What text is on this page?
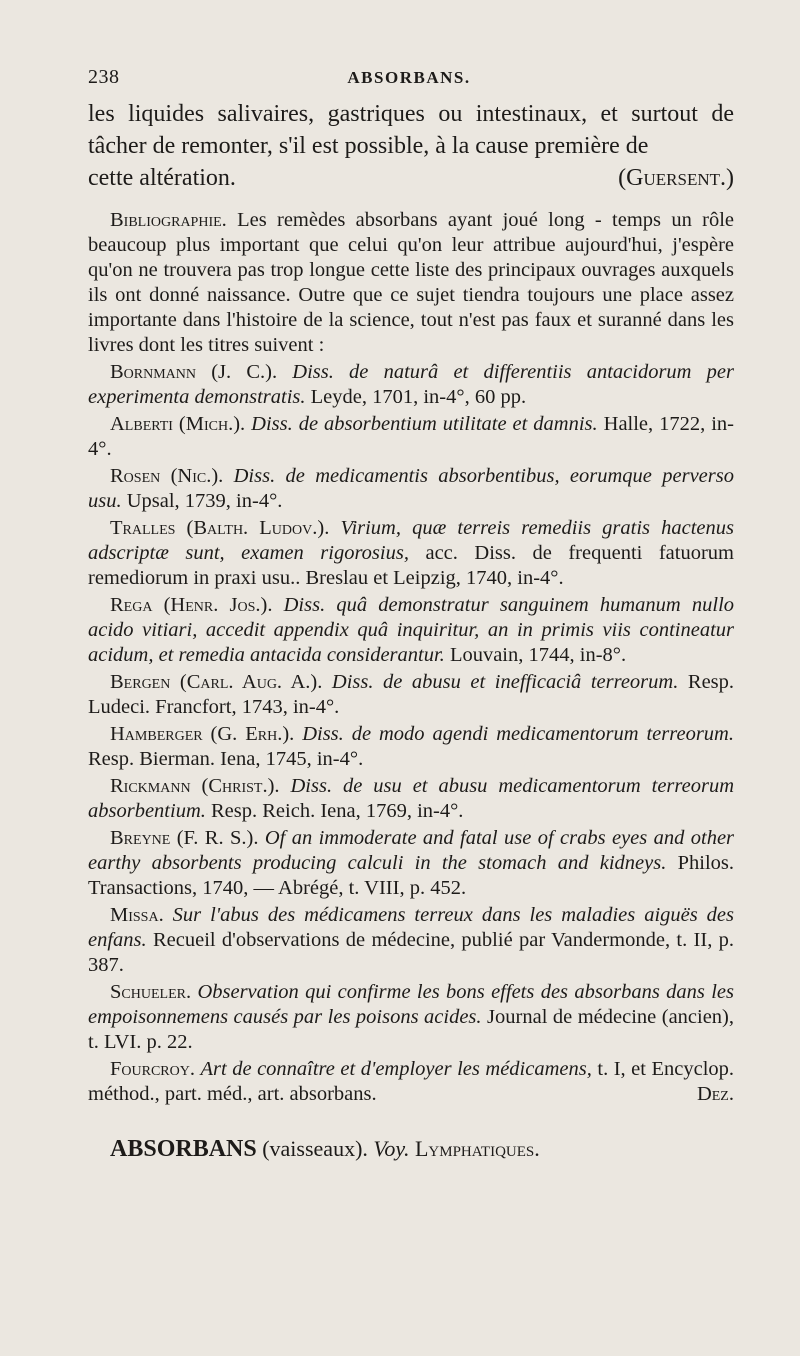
238	ABSORBANS.
les liquides salivaires, gastriques ou intestinaux, et surtout de tâcher de remonter, s'il est possible, à la cause première de
cette altération.	(Guersent.)

Bibliographie. Les remèdes absorbans ayant joué long - temps un rôle beaucoup plus important que celui qu'on leur attribue aujourd'hui, j'espère qu'on ne trouvera pas trop longue cette liste des principaux ouvrages auxquels ils ont donné naissance. Outre que ce sujet tiendra toujours une place assez importante dans l'histoire de la science, tout n'est pas faux et suranné dans les livres dont les titres suivent :

Bornmann (J. C.). Diss. de naturâ et differentiis antacidorum per experimenta demonstratis. Leyde, 1701, in-4°, 60 pp.
Alberti (Mich.). Diss. de absorbentium utilitate et damnis. Halle, 1722, in-4°.
Rosen (Nic.). Diss. de medicamentis absorbentibus, eorumque perverso usu. Upsal, 1739, in-4°.
Tralles (Balth. Ludov.). Virium, quæ terreis remediis gratis hactenus adscriptæ sunt, examen rigorosius, acc. Diss. de frequenti fatuorum remediorum in praxi usu.. Breslau et Leipzig, 1740, in-4°.
Rega (Henr. Jos.). Diss. quâ demonstratur sanguinem humanum nullo acido vitiari, accedit appendix quâ inquiritur, an in primis viis contineatur acidum, et remedia antacida considerantur. Louvain, 1744, in-8°.
Bergen (Carl. Aug. A.). Diss. de abusu et inefficaciâ terreorum. Resp. Ludeci. Francfort, 1743, in-4°.
Hamberger (G. Erh.). Diss. de modo agendi medicamentorum terreorum. Resp. Bierman. Iena, 1745, in-4°.
Rickmann (Christ.). Diss. de usu et abusu medicamentorum terreorum absorbentium. Resp. Reich. Iena, 1769, in-4°.
Breyne (F. R. S.). Of an immoderate and fatal use of crabs eyes and other earthy absorbents producing calculi in the stomach and kidneys. Philos. Transactions, 1740, — Abrégé, t. VIII, p. 452.
Missa. Sur l'abus des médicamens terreux dans les maladies aiguës des enfans. Recueil d'observations de médecine, publié par Vandermonde, t. II, p. 387.
Schueler. Observation qui confirme les bons effets des absorbans dans les empoisonnemens causés par les poisons acides. Journal de médecine (ancien), t. LVI. p. 22.
Fourcroy. Art de connaître et d'employer les médicamens, t. I, et Encyclop. méthod., part. méd., art. absorbans.	Dez.
ABSORBANS (vaisseaux). Voy. Lymphatiques.
